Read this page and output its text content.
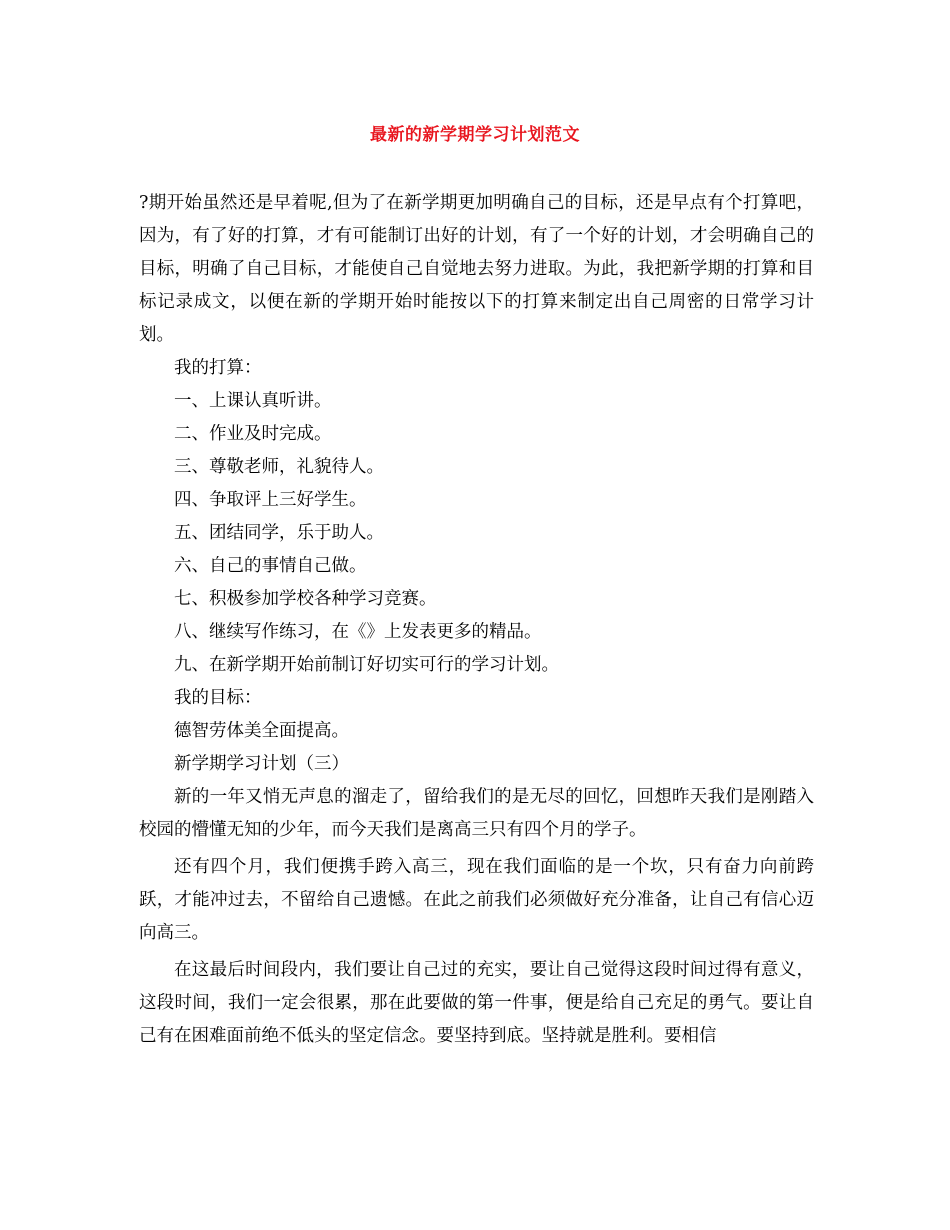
最新的新学期学习计划范文

?期开始虽然还是早着呢,但为了在新学期更加明确自己的目标，还是早点有个打算吧，因为，有了好的打算，才有可能制订出好的计划，有了一个好的计划，才会明确自己的目标，明确了自己目标，才能使自己自觉地去努力进取。为此，我把新学期的打算和目标记录成文，以便在新的学期开始时能按以下的打算来制定出自己周密的日常学习计划。

我的打算：

一、上课认真听讲。

二、作业及时完成。

三、尊敬老师，礼貌待人。

四、争取评上三好学生。

五、团结同学，乐于助人。

六、自己的事情自己做。

七、积极参加学校各种学习竞赛。

八、继续写作练习，在《》上发表更多的精品。

九、在新学期开始前制订好切实可行的学习计划。

我的目标：

德智劳体美全面提高。

新学期学习计划（三）

新的一年又悄无声息的溜走了，留给我们的是无尽的回忆，回想昨天我们是刚踏入校园的懵懂无知的少年，而今天我们是离高三只有四个月的学子。

还有四个月，我们便携手跨入高三，现在我们面临的是一个坎，只有奋力向前跨跃，才能冲过去，不留给自己遗憾。在此之前我们必须做好充分准备，让自己有信心迈向高三。

在这最后时间段内，我们要让自己过的充实，要让自己觉得这段时间过得有意义，这段时间，我们一定会很累，那在此要做的第一件事，便是给自己充足的勇气。要让自己有在困难面前绝不低头的坚定信念。要坚持到底。坚持就是胜利。要相信
